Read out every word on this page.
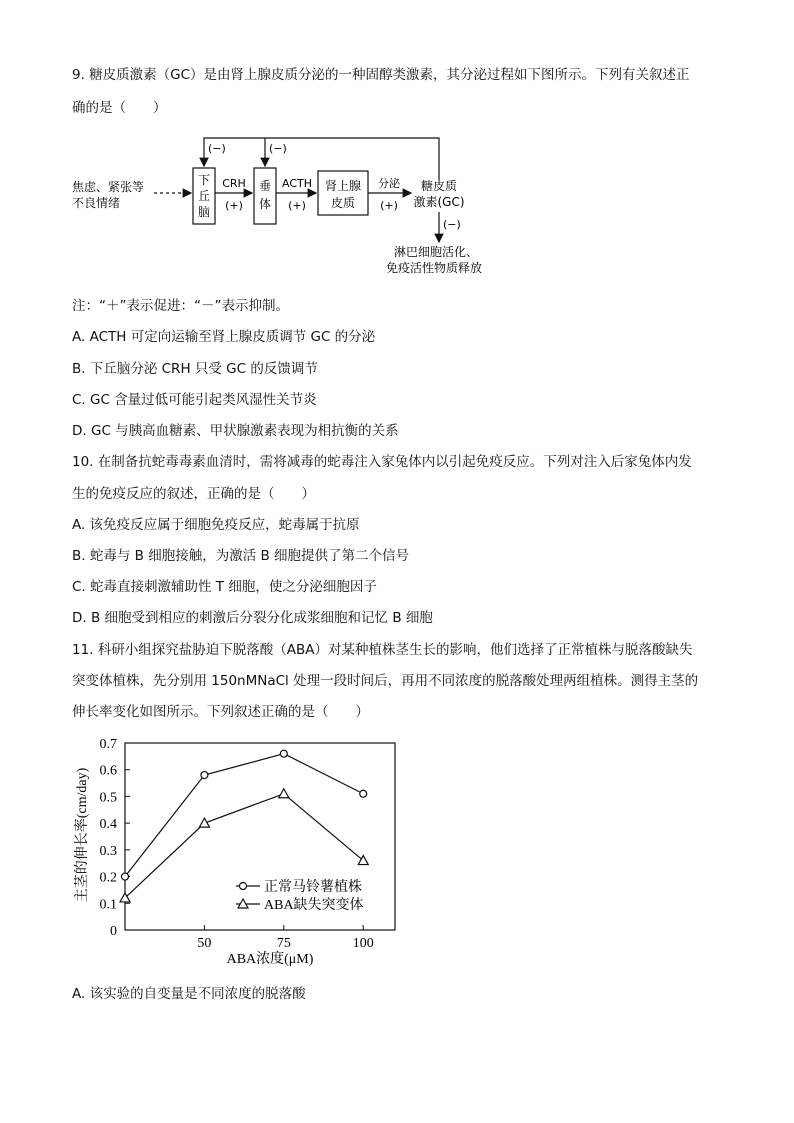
9. 糖皮质激素（GC）是由肾上腺皮质分泌的一种固醇类激素，其分泌过程如下图所示。下列有关叙述正
确的是（　　）
焦虑、紧张等
不良情绪
下
丘
脑
CRH
(+)
垂
体
ACTH
(+)
肾上腺
皮质
分泌
(+)
糖皮质
激素(GC)
(−)	(−)
(−)
淋巴细胞活化、
免疫活性物质释放
注：“＋”表示促进：“－”表示抑制。
A. ACTH 可定向运输至肾上腺皮质调节 GC 的分泌
B. 下丘脑分泌 CRH 只受 GC 的反馈调节
C. GC 含量过低可能引起类风湿性关节炎
D. GC 与胰高血糖素、甲状腺激素表现为相抗衡的关系
10. 在制备抗蛇毒毒素血清时，需将减毒的蛇毒注入家兔体内以引起免疫反应。下列对注入后家兔体内发
生的免疫反应的叙述，正确的是（　　）
A. 该免疫反应属于细胞免疫反应，蛇毒属于抗原
B. 蛇毒与 B 细胞接触，为激活 B 细胞提供了第二个信号
C. 蛇毒直接刺激辅助性 T 细胞，使之分泌细胞因子
D. B 细胞受到相应的刺激后分裂分化成浆细胞和记忆 B 细胞
11. 科研小组探究盐胁迫下脱落酸（ABA）对某种植株茎生长的影响，他们选择了正常植株与脱落酸缺失
突变体植株，先分别用 150nMNaCl 处理一段时间后，再用不同浓度的脱落酸处理两组植株。测得主茎的
伸长率变化如图所示。下列叙述正确的是（　　）
0
0.1
0.2
0.3
0.4
0.5
0.6
0.7
50	75	100
正常马铃薯植株
ABA缺失突变体
主茎的伸长率(cm/day)
ABA浓度(μM)
A. 该实验的自变量是不同浓度的脱落酸
